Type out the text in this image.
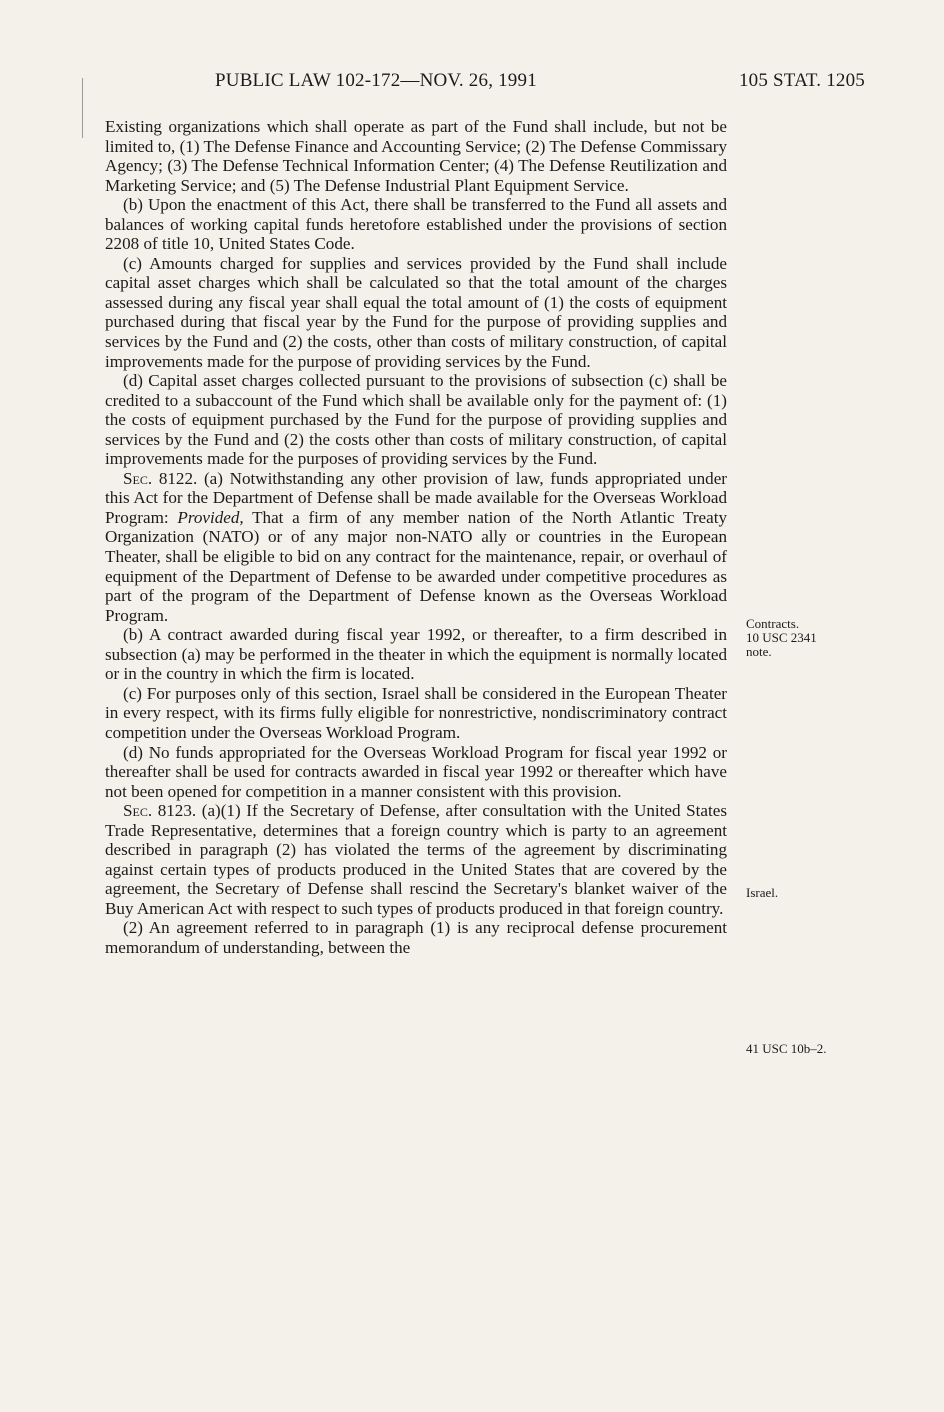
PUBLIC LAW 102-172—NOV. 26, 1991	105 STAT. 1205

Existing organizations which shall operate as part of the Fund shall include, but not be limited to, (1) The Defense Finance and Accounting Service; (2) The Defense Commissary Agency; (3) The Defense Technical Information Center; (4) The Defense Reutilization and Marketing Service; and (5) The Defense Industrial Plant Equipment Service.

(b) Upon the enactment of this Act, there shall be transferred to the Fund all assets and balances of working capital funds heretofore established under the provisions of section 2208 of title 10, United States Code.

(c) Amounts charged for supplies and services provided by the Fund shall include capital asset charges which shall be calculated so that the total amount of the charges assessed during any fiscal year shall equal the total amount of (1) the costs of equipment purchased during that fiscal year by the Fund for the purpose of providing supplies and services by the Fund and (2) the costs, other than costs of military construction, of capital improvements made for the purpose of providing services by the Fund.

(d) Capital asset charges collected pursuant to the provisions of subsection (c) shall be credited to a subaccount of the Fund which shall be available only for the payment of: (1) the costs of equipment purchased by the Fund for the purpose of providing supplies and services by the Fund and (2) the costs other than costs of military construction, of capital improvements made for the purposes of providing services by the Fund.

Sec. 8122. (a) Notwithstanding any other provision of law, funds appropriated under this Act for the Department of Defense shall be made available for the Overseas Workload Program: Provided, That a firm of any member nation of the North Atlantic Treaty Organization (NATO) or of any major non-NATO ally or countries in the European Theater, shall be eligible to bid on any contract for the maintenance, repair, or overhaul of equipment of the Department of Defense to be awarded under competitive procedures as part of the program of the Department of Defense known as the Overseas Workload Program.

(b) A contract awarded during fiscal year 1992, or thereafter, to a firm described in subsection (a) may be performed in the theater in which the equipment is normally located or in the country in which the firm is located.

(c) For purposes only of this section, Israel shall be considered in the European Theater in every respect, with its firms fully eligible for nonrestrictive, nondiscriminatory contract competition under the Overseas Workload Program.

(d) No funds appropriated for the Overseas Workload Program for fiscal year 1992 or thereafter shall be used for contracts awarded in fiscal year 1992 or thereafter which have not been opened for competition in a manner consistent with this provision.

Sec. 8123. (a)(1) If the Secretary of Defense, after consultation with the United States Trade Representative, determines that a foreign country which is party to an agreement described in paragraph (2) has violated the terms of the agreement by discriminating against certain types of products produced in the United States that are covered by the agreement, the Secretary of Defense shall rescind the Secretary's blanket waiver of the Buy American Act with respect to such types of products produced in that foreign country.

(2) An agreement referred to in paragraph (1) is any reciprocal defense procurement memorandum of understanding, between the

Contracts.
10 USC 2341
note.
Israel.
41 USC 10b–2.
